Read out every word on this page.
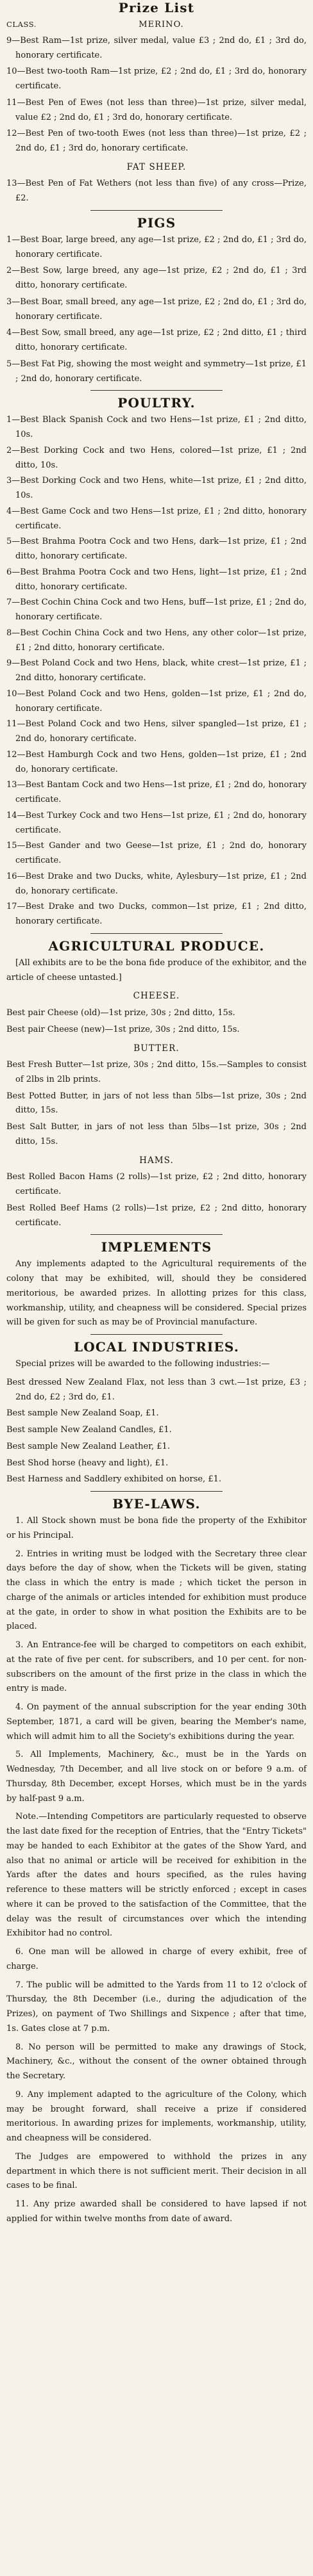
Prize List
CLASS.	MERINO.
9—Best Ram—1st prize, silver medal, value £3 ; 2nd do, £1 ; 3rd do, honorary certificate.
10—Best two-tooth Ram—1st prize, £2 ; 2nd do, £1 ; 3rd do, honorary certificate.
11—Best Pen of Ewes (not less than three)—1st prize, silver medal, value £2 ; 2nd do, £1 ; 3rd do, honorary certificate.
12—Best Pen of two-tooth Ewes (not less than three)—1st prize, £2 ; 2nd do, £1 ; 3rd do, honorary certificate.
FAT SHEEP.
13—Best Pen of Fat Wethers (not less than five) of any cross—Prize, £2.
PIGS
1—Best Boar, large breed, any age—1st prize, £2 ; 2nd do, £1 ; 3rd do, honorary certificate.
2—Best Sow, large breed, any age—1st prize, £2 ; 2nd do, £1 ; 3rd ditto, honorary certificate.
3—Best Boar, small breed, any age—1st prize, £2 ; 2nd do, £1 ; 3rd do, honorary certificate.
4—Best Sow, small breed, any age—1st prize, £2 ; 2nd ditto, £1 ; third ditto, honorary certificate.
5—Best Fat Pig, showing the most weight and symmetry—1st prize, £1 ; 2nd do, honorary certificate.
POULTRY.
1—Best Black Spanish Cock and two Hens—1st prize, £1 ; 2nd ditto, 10s.
2—Best Dorking Cock and two Hens, colored—1st prize, £1 ; 2nd ditto, 10s.
3—Best Dorking Cock and two Hens, white—1st prize, £1 ; 2nd ditto, 10s.
4—Best Game Cock and two Hens—1st prize, £1 ; 2nd ditto, honorary certificate.
5—Best Brahma Pootra Cock and two Hens, dark—1st prize, £1 ; 2nd ditto, honorary certificate.
6—Best Brahma Pootra Cock and two Hens, light—1st prize, £1 ; 2nd ditto, honorary certificate.
7—Best Cochin China Cock and two Hens, buff—1st prize, £1 ; 2nd do, honorary certificate.
8—Best Cochin China Cock and two Hens, any other color—1st prize, £1 ; 2nd ditto, honorary certificate.
9—Best Poland Cock and two Hens, black, white crest—1st prize, £1 ; 2nd ditto, honorary certificate.
10—Best Poland Cock and two Hens, golden—1st prize, £1 ; 2nd do, honorary certificate.
11—Best Poland Cock and two Hens, silver spangled—1st prize, £1 ; 2nd do, honorary certificate.
12—Best Hamburgh Cock and two Hens, golden—1st prize, £1 ; 2nd do, honorary certificate.
13—Best Bantam Cock and two Hens—1st prize, £1 ; 2nd do, honorary certificate.
14—Best Turkey Cock and two Hens—1st prize, £1 ; 2nd do, honorary certificate.
15—Best Gander and two Geese—1st prize, £1 ; 2nd do, honorary certificate.
16—Best Drake and two Ducks, white, Aylesbury—1st prize, £1 ; 2nd do, honorary certificate.
17—Best Drake and two Ducks, common—1st prize, £1 ; 2nd ditto, honorary certificate.
AGRICULTURAL PRODUCE.

[All exhibits are to be the bona fide produce of the exhibitor, and the article of cheese untasted.]

CHEESE.
Best pair Cheese (old)—1st prize, 30s ; 2nd ditto, 15s.
Best pair Cheese (new)—1st prize, 30s ; 2nd ditto, 15s.
BUTTER.
Best Fresh Butter—1st prize, 30s ; 2nd ditto, 15s.—Samples to consist of 2lbs in 2lb prints.
Best Potted Butter, in jars of not less than 5lbs—1st prize, 30s ; 2nd ditto, 15s.
Best Salt Butter, in jars of not less than 5lbs—1st prize, 30s ; 2nd ditto, 15s.
HAMS.
Best Rolled Bacon Hams (2 rolls)—1st prize, £2 ; 2nd ditto, honorary certificate.
Best Rolled Beef Hams (2 rolls)—1st prize, £2 ; 2nd ditto, honorary certificate.
IMPLEMENTS

Any implements adapted to the Agricultural requirements of the colony that may be exhibited, will, should they be considered meritorious, be awarded prizes. In allotting prizes for this class, workmanship, utility, and cheapness will be considered. Special prizes will be given for such as may be of Provincial manufacture.

LOCAL INDUSTRIES.

Special prizes will be awarded to the following industries:—

Best dressed New Zealand Flax, not less than 3 cwt.—1st prize, £3 ; 2nd do, £2 ; 3rd do, £1.
Best sample New Zealand Soap, £1.
Best sample New Zealand Candles, £1.
Best sample New Zealand Leather, £1.
Best Shod horse (heavy and light), £1.
Best Harness and Saddlery exhibited on horse, £1.
BYE-LAWS.

1. All Stock shown must be bona fide the property of the Exhibitor or his Principal.

2. Entries in writing must be lodged with the Secretary three clear days before the day of show, when the Tickets will be given, stating the class in which the entry is made ; which ticket the person in charge of the animals or articles intended for exhibition must produce at the gate, in order to show in what position the Exhibits are to be placed.

3. An Entrance-fee will be charged to competitors on each exhibit, at the rate of five per cent. for subscribers, and 10 per cent. for non-subscribers on the amount of the first prize in the class in which the entry is made.

4. On payment of the annual subscription for the year ending 30th September, 1871, a card will be given, bearing the Member's name, which will admit him to all the Society's exhibitions during the year.

5. All Implements, Machinery, &c., must be in the Yards on Wednesday, 7th December, and all live stock on or before 9 a.m. of Thursday, 8th December, except Horses, which must be in the yards by half-past 9 a.m.

Note.—Intending Competitors are particularly requested to observe the last date fixed for the reception of Entries, that the "Entry Tickets" may be handed to each Exhibitor at the gates of the Show Yard, and also that no animal or article will be received for exhibition in the Yards after the dates and hours specified, as the rules having reference to these matters will be strictly enforced ; except in cases where it can be proved to the satisfaction of the Committee, that the delay was the result of circumstances over which the intending Exhibitor had no control.

6. One man will be allowed in charge of every exhibit, free of charge.

7. The public will be admitted to the Yards from 11 to 12 o'clock of Thursday, the 8th December (i.e., during the adjudication of the Prizes), on payment of Two Shillings and Sixpence ; after that time, 1s. Gates close at 7 p.m.

8. No person will be permitted to make any drawings of Stock, Machinery, &c., without the consent of the owner obtained through the Secretary.

9. Any implement adapted to the agriculture of the Colony, which may be brought forward, shall receive a prize if considered meritorious. In awarding prizes for implements, workmanship, utility, and cheapness will be considered.

The Judges are empowered to withhold the prizes in any department in which there is not sufficient merit. Their decision in all cases to be final.

11. Any prize awarded shall be considered to have lapsed if not applied for within twelve months from date of award.
